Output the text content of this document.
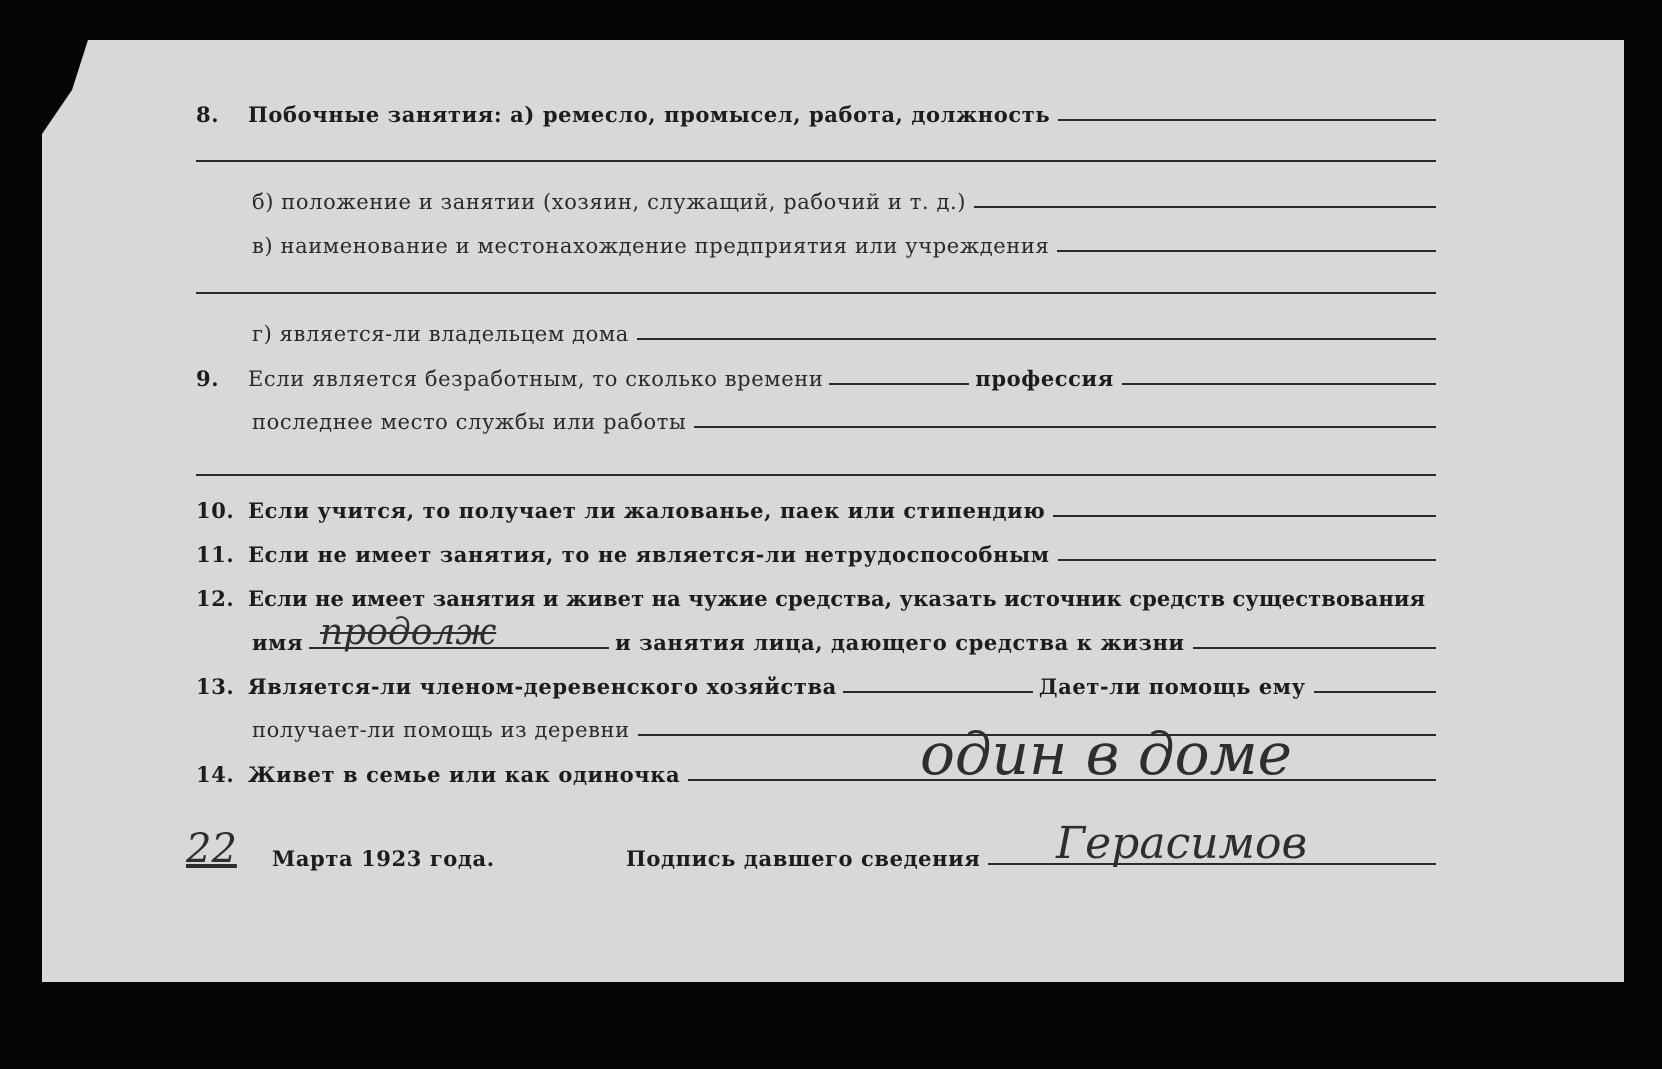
8.	Побочные занятия: а) ремесло, промысел, работа, должность
б) положение и занятии (хозяин, служащий, рабочий и т. д.)
в) наименование и местонахождение предприятия или учреждения
г) является-ли владельцем дома
9.	Если является безработным, то сколько времени	профессия
последнее место службы или работы
10. Если учится, то получает ли жалованье, паек или стипендию
11. Если не имеет занятия, то не является-ли нетрудоспособным
12. Если не имеет занятия и живет на чужие средства, указать источник средств существования
имя	и занятия лица, дающего средства к жизни
продолж
13. Является-ли членом-деревенского хозяйства	Дает-ли помощь ему
получает-ли помощь из деревни
14. Живет в семье или как одиночка	один в доме
22 Марта 1923 года.	Подпись давшего сведения Герасимов
